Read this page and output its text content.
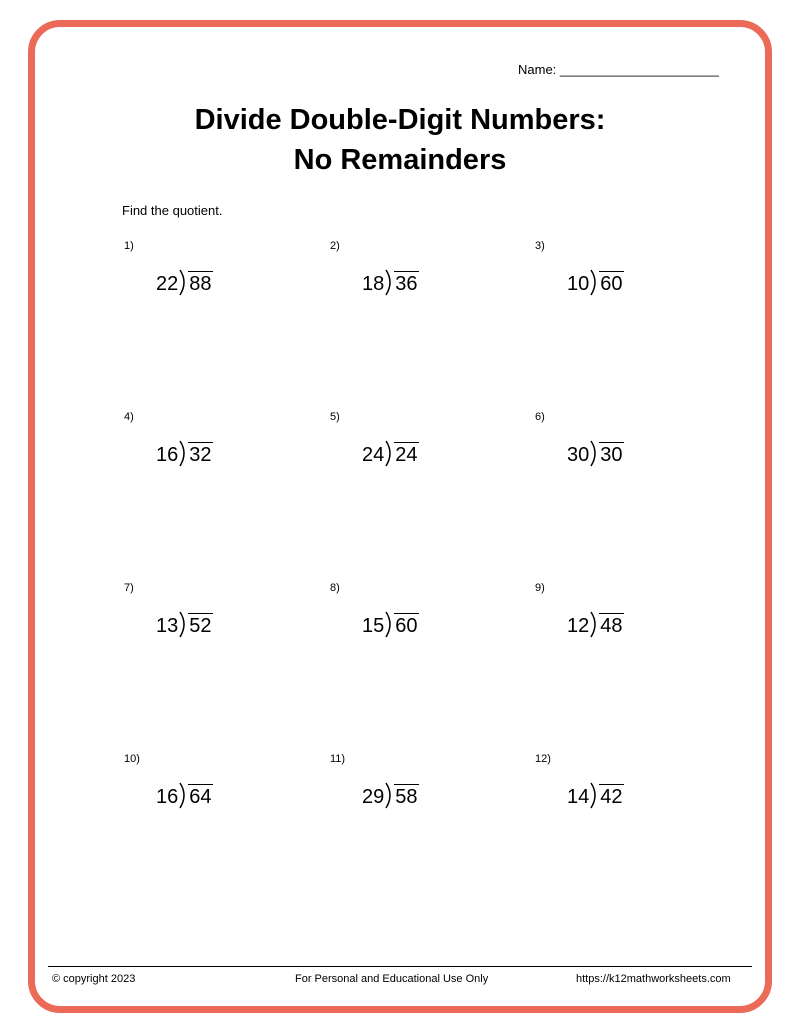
Name: ______________________
Divide Double-Digit Numbers:
No Remainders
Find the quotient.
1)
22 88
2)
18 36
3)
10 60
4)
16 32
5)
24 24
6)
30 30
7)
13 52
8)
15 60
9)
12 48
10)
16 64
11)
29 58
12)
14 42
© copyright 2023	For Personal and Educational Use Only	https://k12mathworksheets.com
